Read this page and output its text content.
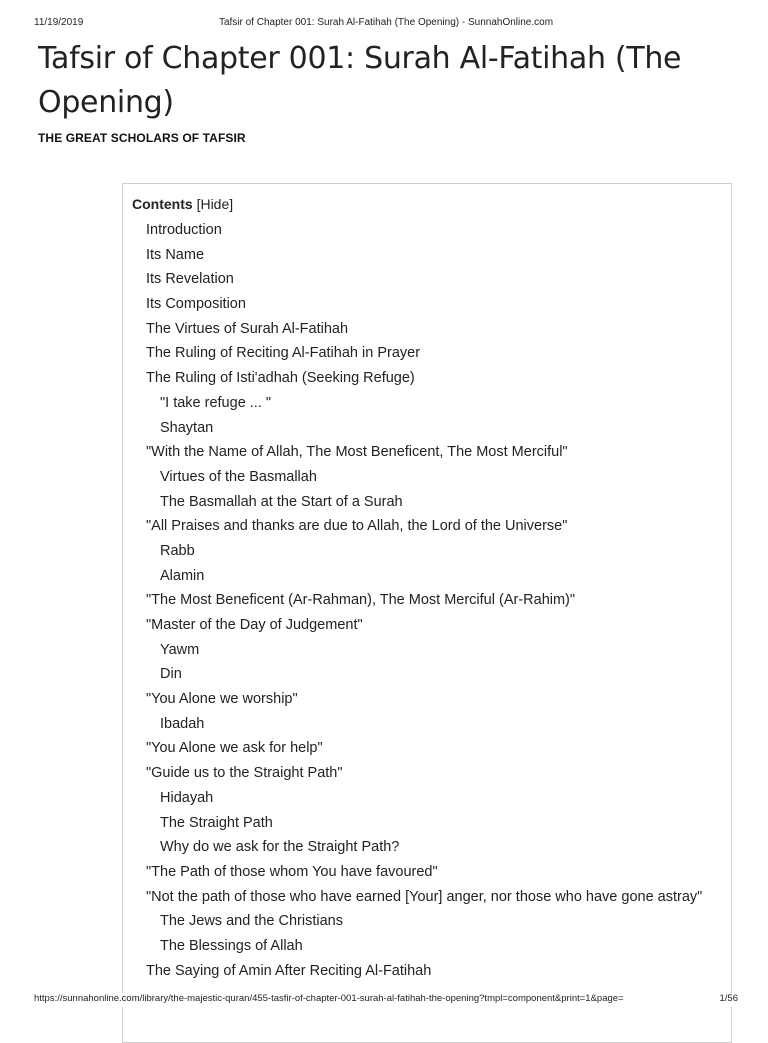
11/19/2019	Tafsir of Chapter 001: Surah Al-Fatihah (The Opening) - SunnahOnline.com
Tafsir of Chapter 001: Surah Al-Fatihah (The Opening)
THE GREAT SCHOLARS OF TAFSIR
Contents [Hide]
Introduction
Its Name
Its Revelation
Its Composition
The Virtues of Surah Al-Fatihah
The Ruling of Reciting Al-Fatihah in Prayer
The Ruling of Isti'adhah (Seeking Refuge)
"I take refuge ... "
Shaytan
"With the Name of Allah, The Most Beneficent, The Most Merciful"
Virtues of the Basmallah
The Basmallah at the Start of a Surah
"All Praises and thanks are due to Allah, the Lord of the Universe"
Rabb
Alamin
"The Most Beneficent (Ar-Rahman), The Most Merciful (Ar-Rahim)"
"Master of the Day of Judgement"
Yawm
Din
"You Alone we worship"
Ibadah
"You Alone we ask for help"
"Guide us to the Straight Path"
Hidayah
The Straight Path
Why do we ask for the Straight Path?
"The Path of those whom You have favoured"
"Not the path of those who have earned [Your] anger, nor those who have gone astray"
The Jews and the Christians
The Blessings of Allah
The Saying of Amin After Reciting Al-Fatihah
https://sunnahonline.com/library/the-majestic-quran/455-tasfir-of-chapter-001-surah-al-fatihah-the-opening?tmpl=component&print=1&page=	1/56
